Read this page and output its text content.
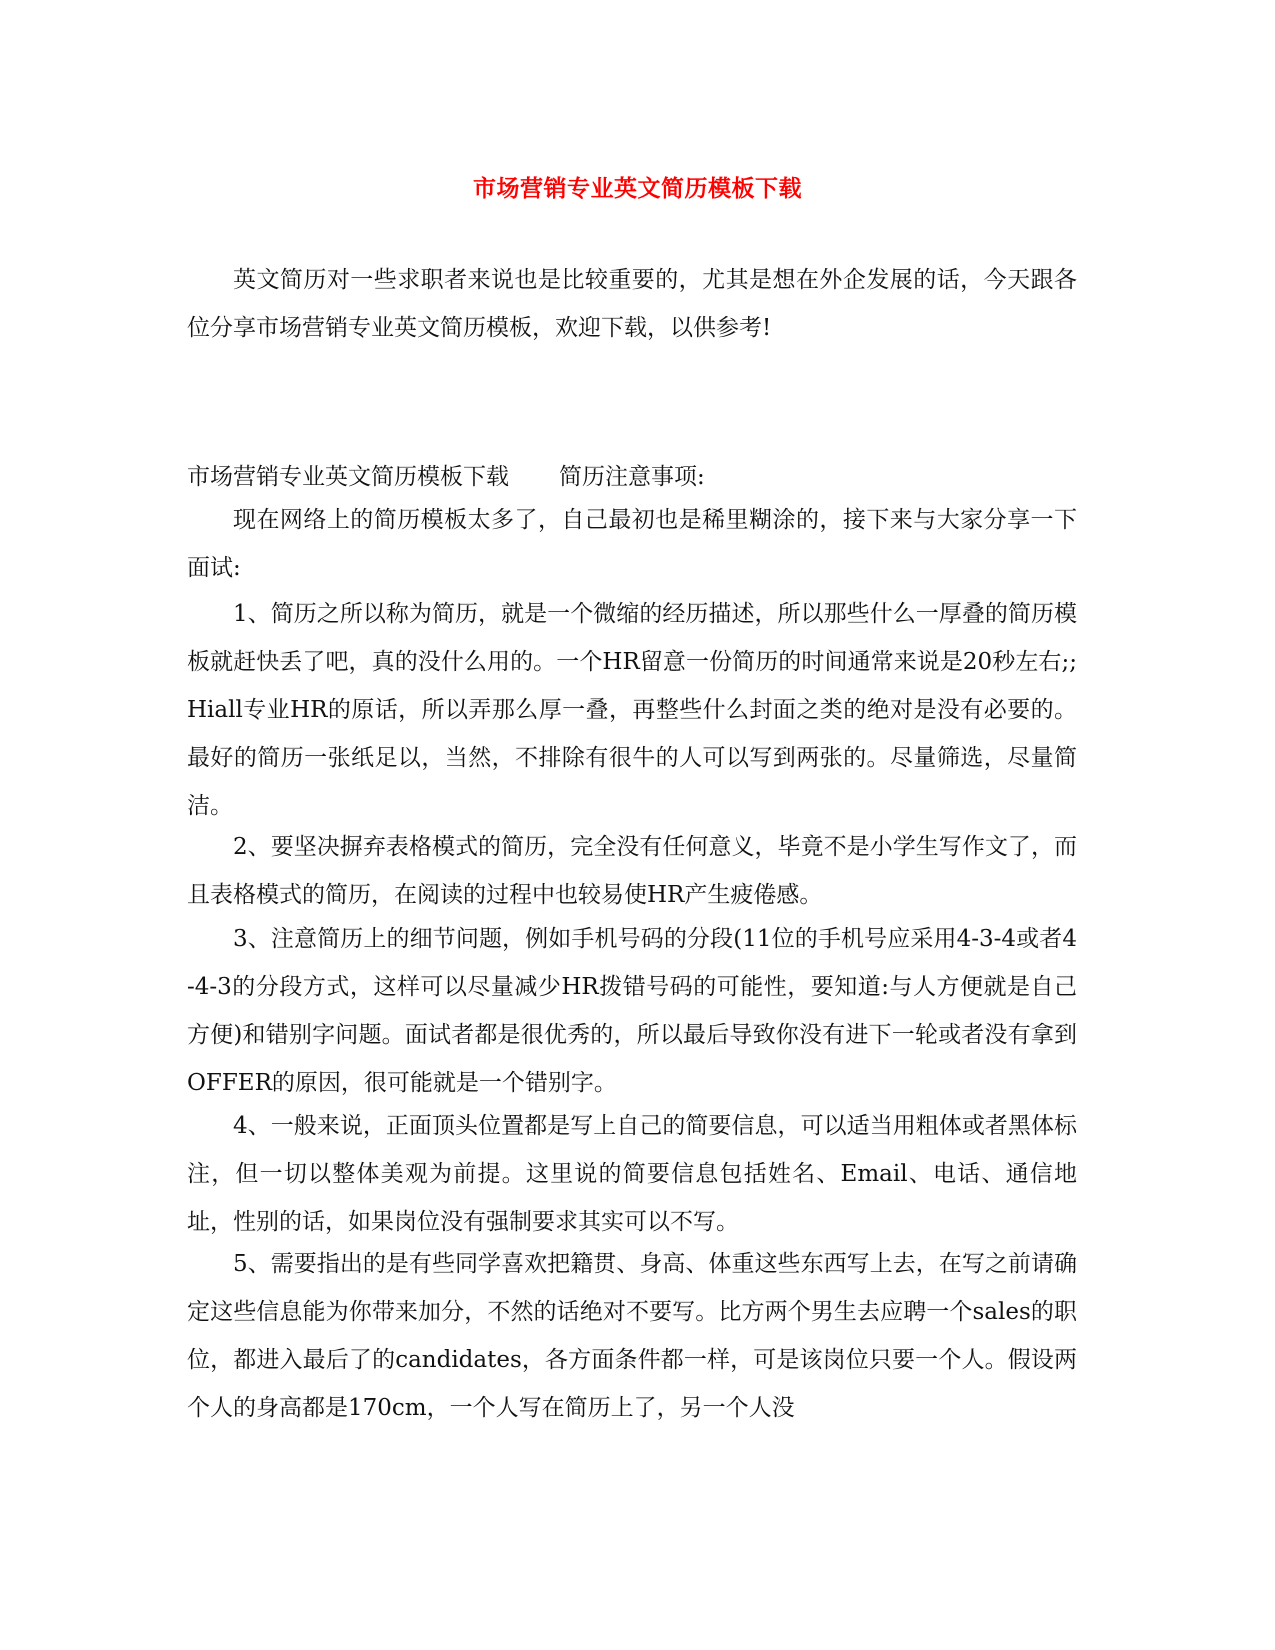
市场营销专业英文简历模板下载

英文简历对一些求职者来说也是比较重要的，尤其是想在外企发展的话，今天跟各位分享市场营销专业英文简历模板，欢迎下载，以供参考!

市场营销专业英文简历模板下载 简历注意事项:

现在网络上的简历模板太多了，自己最初也是稀里糊涂的，接下来与大家分享一下面试:

1、简历之所以称为简历，就是一个微缩的经历描述，所以那些什么一厚叠的简历模板就赶快丢了吧，真的没什么用的。一个HR留意一份简历的时间通常来说是20秒左右;;Hiall专业HR的原话，所以弄那么厚一叠，再整些什么封面之类的绝对是没有必要的。最好的简历一张纸足以，当然，不排除有很牛的人可以写到两张的。尽量筛选，尽量简洁。

2、要坚决摒弃表格模式的简历，完全没有任何意义，毕竟不是小学生写作文了，而且表格模式的简历，在阅读的过程中也较易使HR产生疲倦感。

3、注意简历上的细节问题，例如手机号码的分段(11位的手机号应采用4-3-4或者4-4-3的分段方式，这样可以尽量减少HR拨错号码的可能性，要知道:与人方便就是自己方便)和错别字问题。面试者都是很优秀的，所以最后导致你没有进下一轮或者没有拿到OFFER的原因，很可能就是一个错别字。

4、一般来说，正面顶头位置都是写上自己的简要信息，可以适当用粗体或者黑体标注，但一切以整体美观为前提。这里说的简要信息包括姓名、Email、电话、通信地址，性别的话，如果岗位没有强制要求其实可以不写。

5、需要指出的是有些同学喜欢把籍贯、身高、体重这些东西写上去，在写之前请确定这些信息能为你带来加分，不然的话绝对不要写。比方两个男生去应聘一个sales的职位，都进入最后了的candidates，各方面条件都一样，可是该岗位只要一个人。假设两个人的身高都是170cm，一个人写在简历上了，另一个人没
